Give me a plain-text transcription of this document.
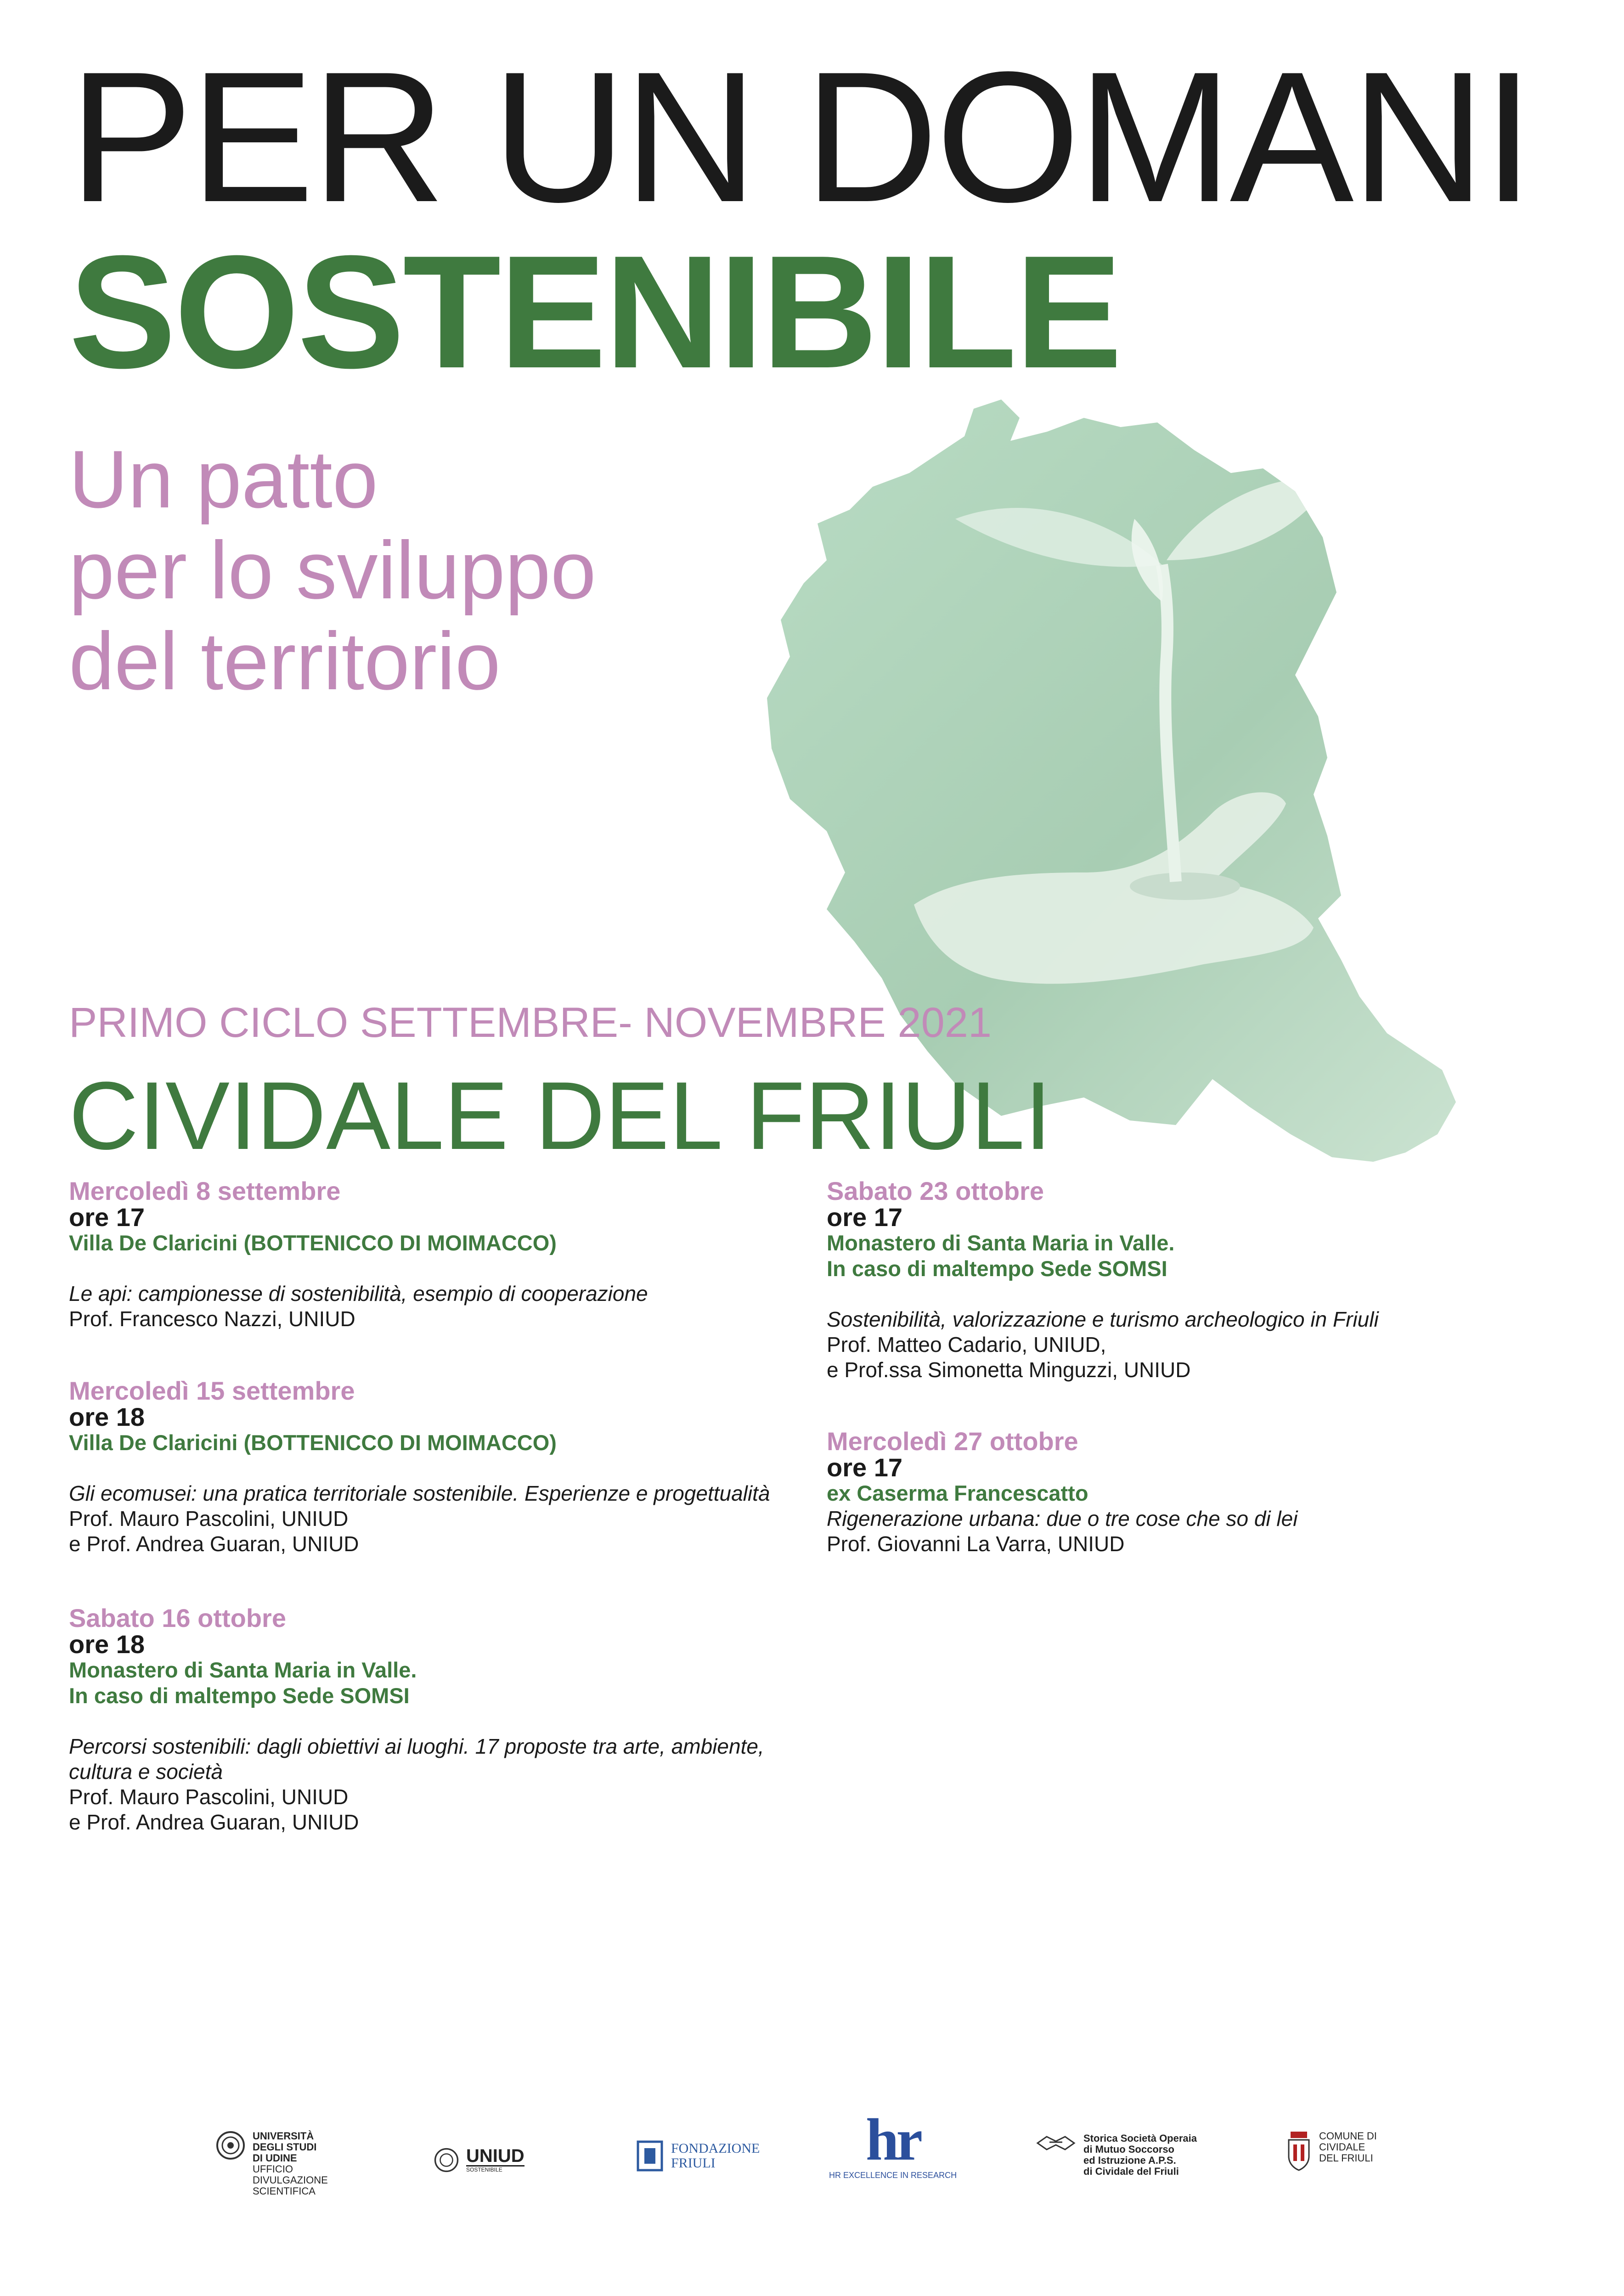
PER UN DOMANI
SOSTENIBILE
Un patto
per lo sviluppo
del territorio
PRIMO CICLO SETTEMBRE- NOVEMBRE 2021
CIVIDALE DEL FRIULI
Mercoledì 8 settembre
ore 17
Villa De Claricini (BOTTENICCO DI MOIMACCO)
Le api: campionesse di sostenibilità, esempio di cooperazione
Prof. Francesco Nazzi, UNIUD
Mercoledì 15 settembre
ore 18
Villa De Claricini (BOTTENICCO DI MOIMACCO)
Gli ecomusei: una pratica territoriale sostenibile. Esperienze e progettualità
Prof. Mauro Pascolini, UNIUD
e Prof. Andrea Guaran, UNIUD
Sabato 16 ottobre
ore 18
Monastero di Santa Maria in Valle.
In caso di maltempo Sede SOMSI
Percorsi sostenibili: dagli obiettivi ai luoghi. 17 proposte tra arte, ambiente,
cultura e società
Prof. Mauro Pascolini, UNIUD
e Prof. Andrea Guaran, UNIUD
Sabato 23 ottobre
ore 17
Monastero di Santa Maria in Valle.
In caso di maltempo Sede SOMSI
Sostenibilità, valorizzazione e turismo archeologico in Friuli
Prof. Matteo Cadario, UNIUD,
e Prof.ssa Simonetta Minguzzi, UNIUD
Mercoledì 27 ottobre
ore 17
ex Caserma Francescatto
Rigenerazione urbana: due o tre cose che so di lei
Prof. Giovanni La Varra, UNIUD
UNIVERSITÀ
DEGLI STUDI
DI UDINE
UFFICIO
DIVULGAZIONE
SCIENTIFICA
UNIUD
SOSTENIBILE
FONDAZIONE
FRIULI	hr
HR EXCELLENCE IN RESEARCH
Storica Società Operaia
di Mutuo Soccorso
ed Istruzione A.P.S.
di Cividale del Friuli
COMUNE DI
CIVIDALE
DEL FRIULI
